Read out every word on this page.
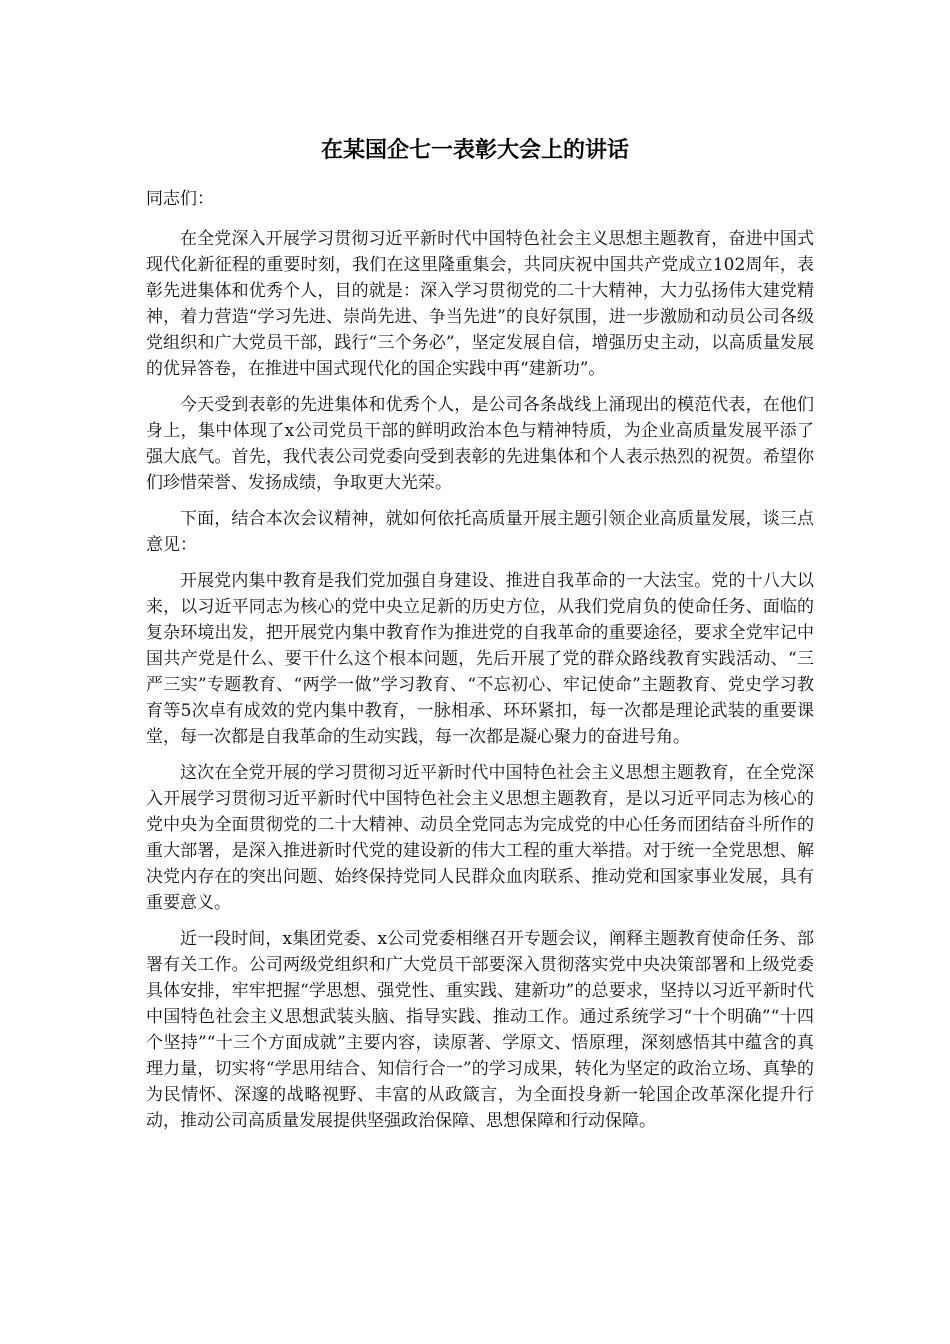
在某国企七一表彰大会上的讲话

同志们：

在全党深入开展学习贯彻习近平新时代中国特色社会主义思想主题教育，奋进中国式现代化新征程的重要时刻，我们在这里隆重集会，共同庆祝中国共产党成立102周年，表彰先进集体和优秀个人，目的就是：深入学习贯彻党的二十大精神，大力弘扬伟大建党精神，着力营造“学习先进、崇尚先进、争当先进”的良好氛围，进一步激励和动员公司各级党组织和广大党员干部，践行“三个务必”，坚定发展自信，增强历史主动，以高质量发展的优异答卷，在推进中国式现代化的国企实践中再“建新功”。

今天受到表彰的先进集体和优秀个人，是公司各条战线上涌现出的模范代表，在他们身上，集中体现了x公司党员干部的鲜明政治本色与精神特质，为企业高质量发展平添了强大底气。首先，我代表公司党委向受到表彰的先进集体和个人表示热烈的祝贺。希望你们珍惜荣誉、发扬成绩，争取更大光荣。

下面，结合本次会议精神，就如何依托高质量开展主题引领企业高质量发展，谈三点意见：

开展党内集中教育是我们党加强自身建设、推进自我革命的一大法宝。党的十八大以来，以习近平同志为核心的党中央立足新的历史方位，从我们党肩负的使命任务、面临的复杂环境出发，把开展党内集中教育作为推进党的自我革命的重要途径，要求全党牢记中国共产党是什么、要干什么这个根本问题，先后开展了党的群众路线教育实践活动、“三严三实”专题教育、“两学一做”学习教育、“不忘初心、牢记使命”主题教育、党史学习教育等5次卓有成效的党内集中教育，一脉相承、环环紧扣，每一次都是理论武装的重要课堂，每一次都是自我革命的生动实践，每一次都是凝心聚力的奋进号角。

这次在全党开展的学习贯彻习近平新时代中国特色社会主义思想主题教育，在全党深入开展学习贯彻习近平新时代中国特色社会主义思想主题教育，是以习近平同志为核心的党中央为全面贯彻党的二十大精神、动员全党同志为完成党的中心任务而团结奋斗所作的重大部署，是深入推进新时代党的建设新的伟大工程的重大举措。对于统一全党思想、解决党内存在的突出问题、始终保持党同人民群众血肉联系、推动党和国家事业发展，具有重要意义。

近一段时间，x集团党委、x公司党委相继召开专题会议，阐释主题教育使命任务、部署有关工作。公司两级党组织和广大党员干部要深入贯彻落实党中央决策部署和上级党委具体安排，牢牢把握“学思想、强党性、重实践、建新功”的总要求，坚持以习近平新时代中国特色社会主义思想武装头脑、指导实践、推动工作。通过系统学习“十个明确”“十四个坚持”“十三个方面成就”主要内容，读原著、学原文、悟原理，深刻感悟其中蕴含的真理力量，切实将“学思用结合、知信行合一”的学习成果，转化为坚定的政治立场、真挚的为民情怀、深邃的战略视野、丰富的从政箴言，为全面投身新一轮国企改革深化提升行动，推动公司高质量发展提供坚强政治保障、思想保障和行动保障。
